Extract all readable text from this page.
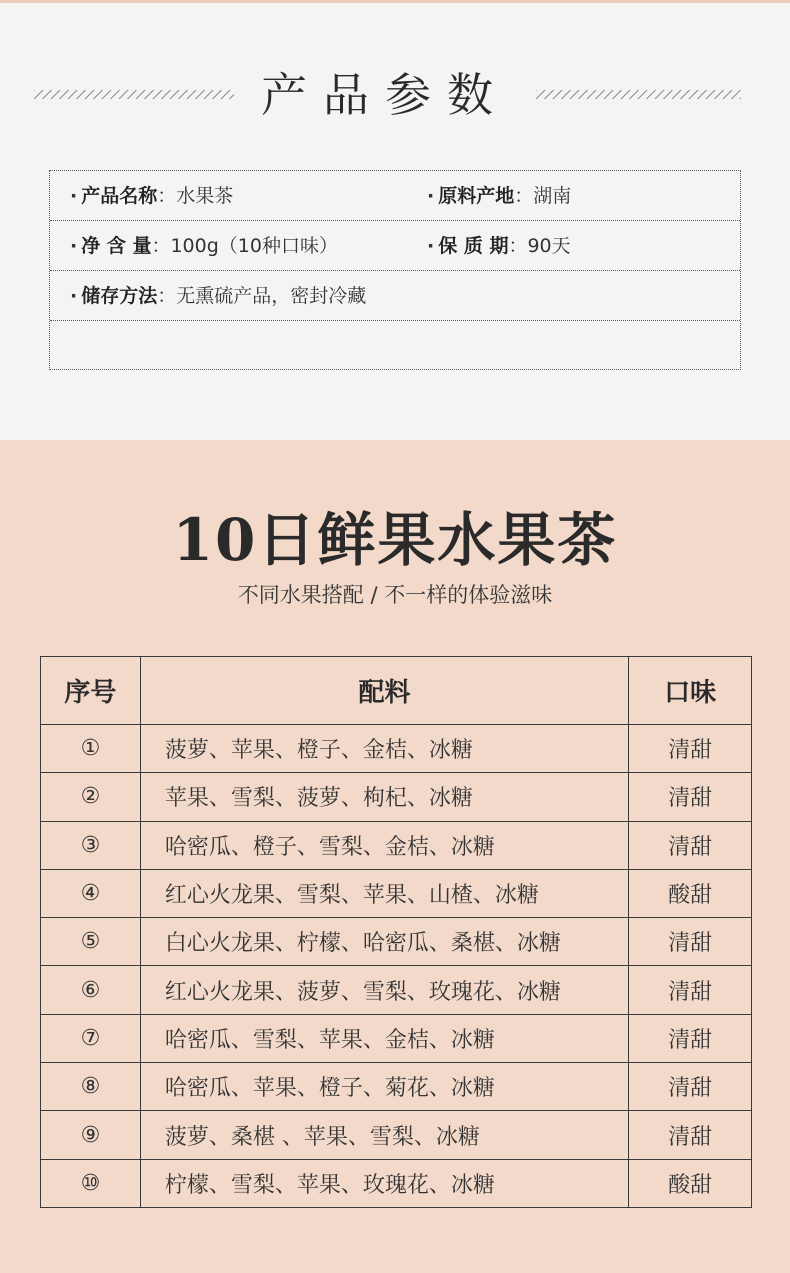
产品参数
· 产品名称：水果茶	· 原料产地：湖南
· 净 含 量：100g（10种口味）	· 保 质 期：90天
· 储存方法：无熏硫产品，密封冷藏
10日鲜果水果茶
不同水果搭配 / 不一样的体验滋味
序号	配料	口味
①	菠萝、苹果、橙子、金桔、冰糖	清甜
②	苹果、雪梨、菠萝、枸杞、冰糖	清甜
③	哈密瓜、橙子、雪梨、金桔、冰糖	清甜
④	红心火龙果、雪梨、苹果、山楂、冰糖	酸甜
⑤	白心火龙果、柠檬、哈密瓜、桑椹、冰糖	清甜
⑥	红心火龙果、菠萝、雪梨、玫瑰花、冰糖	清甜
⑦	哈密瓜、雪梨、苹果、金桔、冰糖	清甜
⑧	哈密瓜、苹果、橙子、菊花、冰糖	清甜
⑨	菠萝、桑椹 、苹果、雪梨、冰糖	清甜
⑩	柠檬、雪梨、苹果、玫瑰花、冰糖	酸甜
